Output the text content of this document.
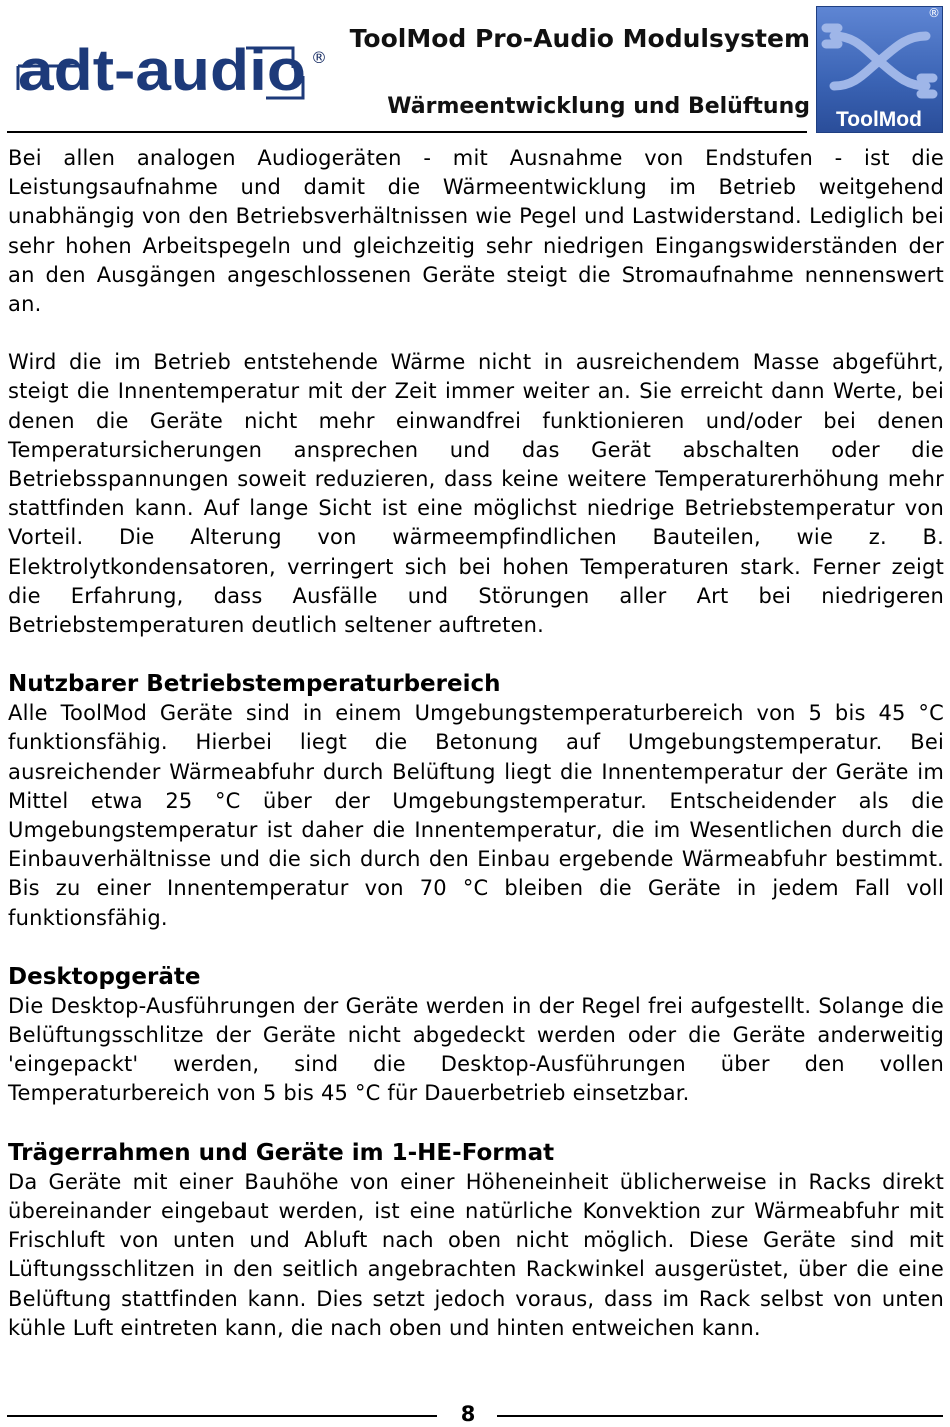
adt-audio ®
ToolMod Pro-Audio Modulsystem
Wärmeentwicklung und Belüftung
ToolMod
®

Bei allen analogen Audiogeräten - mit Ausnahme von Endstufen - ist die Leistungsaufnahme und damit die Wärmeentwicklung im Betrieb weitgehend unabhängig von den Betriebsverhältnissen wie Pegel und Lastwiderstand. Lediglich bei sehr hohen Arbeitspegeln und gleichzeitig sehr niedrigen Eingangswiderständen der an den Ausgängen angeschlossenen Geräte steigt die Stromaufnahme nennenswert an.

Wird die im Betrieb entstehende Wärme nicht in ausreichendem Masse abgeführt, steigt die Innentemperatur mit der Zeit immer weiter an. Sie erreicht dann Werte, bei denen die Geräte nicht mehr einwandfrei funktionieren und/oder bei denen Temperatursicherungen ansprechen und das Gerät abschalten oder die Betriebsspannungen soweit reduzieren, dass keine weitere Temperaturerhöhung mehr stattfinden kann. Auf lange Sicht ist eine möglichst niedrige Betriebstemperatur von Vorteil. Die Alterung von wärmeempfindlichen Bauteilen, wie z. B. Elektrolytkondensatoren, verringert sich bei hohen Temperaturen stark. Ferner zeigt die Erfahrung, dass Ausfälle und Störungen aller Art bei niedrigeren Betriebstemperaturen deutlich seltener auftreten.

Nutzbarer Betriebstemperaturbereich

Alle ToolMod Geräte sind in einem Umgebungstemperaturbereich von 5 bis 45 °C funktionsfähig. Hierbei liegt die Betonung auf Umgebungstemperatur. Bei ausreichender Wärmeabfuhr durch Belüftung liegt die Innentemperatur der Geräte im Mittel etwa 25 °C über der Umgebungstemperatur. Entscheidender als die Umgebungstemperatur ist daher die Innentemperatur, die im Wesentlichen durch die Einbauverhältnisse und die sich durch den Einbau ergebende Wärmeabfuhr bestimmt. Bis zu einer Innentemperatur von 70 °C bleiben die Geräte in jedem Fall voll funktionsfähig.

Desktopgeräte

Die Desktop-Ausführungen der Geräte werden in der Regel frei aufgestellt. Solange die Belüftungsschlitze der Geräte nicht abgedeckt werden oder die Geräte anderweitig 'eingepackt' werden, sind die Desktop-Ausführungen über den vollen Temperaturbereich von 5 bis 45 °C für Dauerbetrieb einsetzbar.

Trägerrahmen und Geräte im 1-HE-Format

Da Geräte mit einer Bauhöhe von einer Höheneinheit üblicherweise in Racks direkt übereinander eingebaut werden, ist eine natürliche Konvektion zur Wärmeabfuhr mit Frischluft von unten und Abluft nach oben nicht möglich. Diese Geräte sind mit Lüftungsschlitzen in den seitlich angebrachten Rackwinkel ausgerüstet, über die eine Belüftung stattfinden kann. Dies setzt jedoch voraus, dass im Rack selbst von unten kühle Luft eintreten kann, die nach oben und hinten entweichen kann.

8
